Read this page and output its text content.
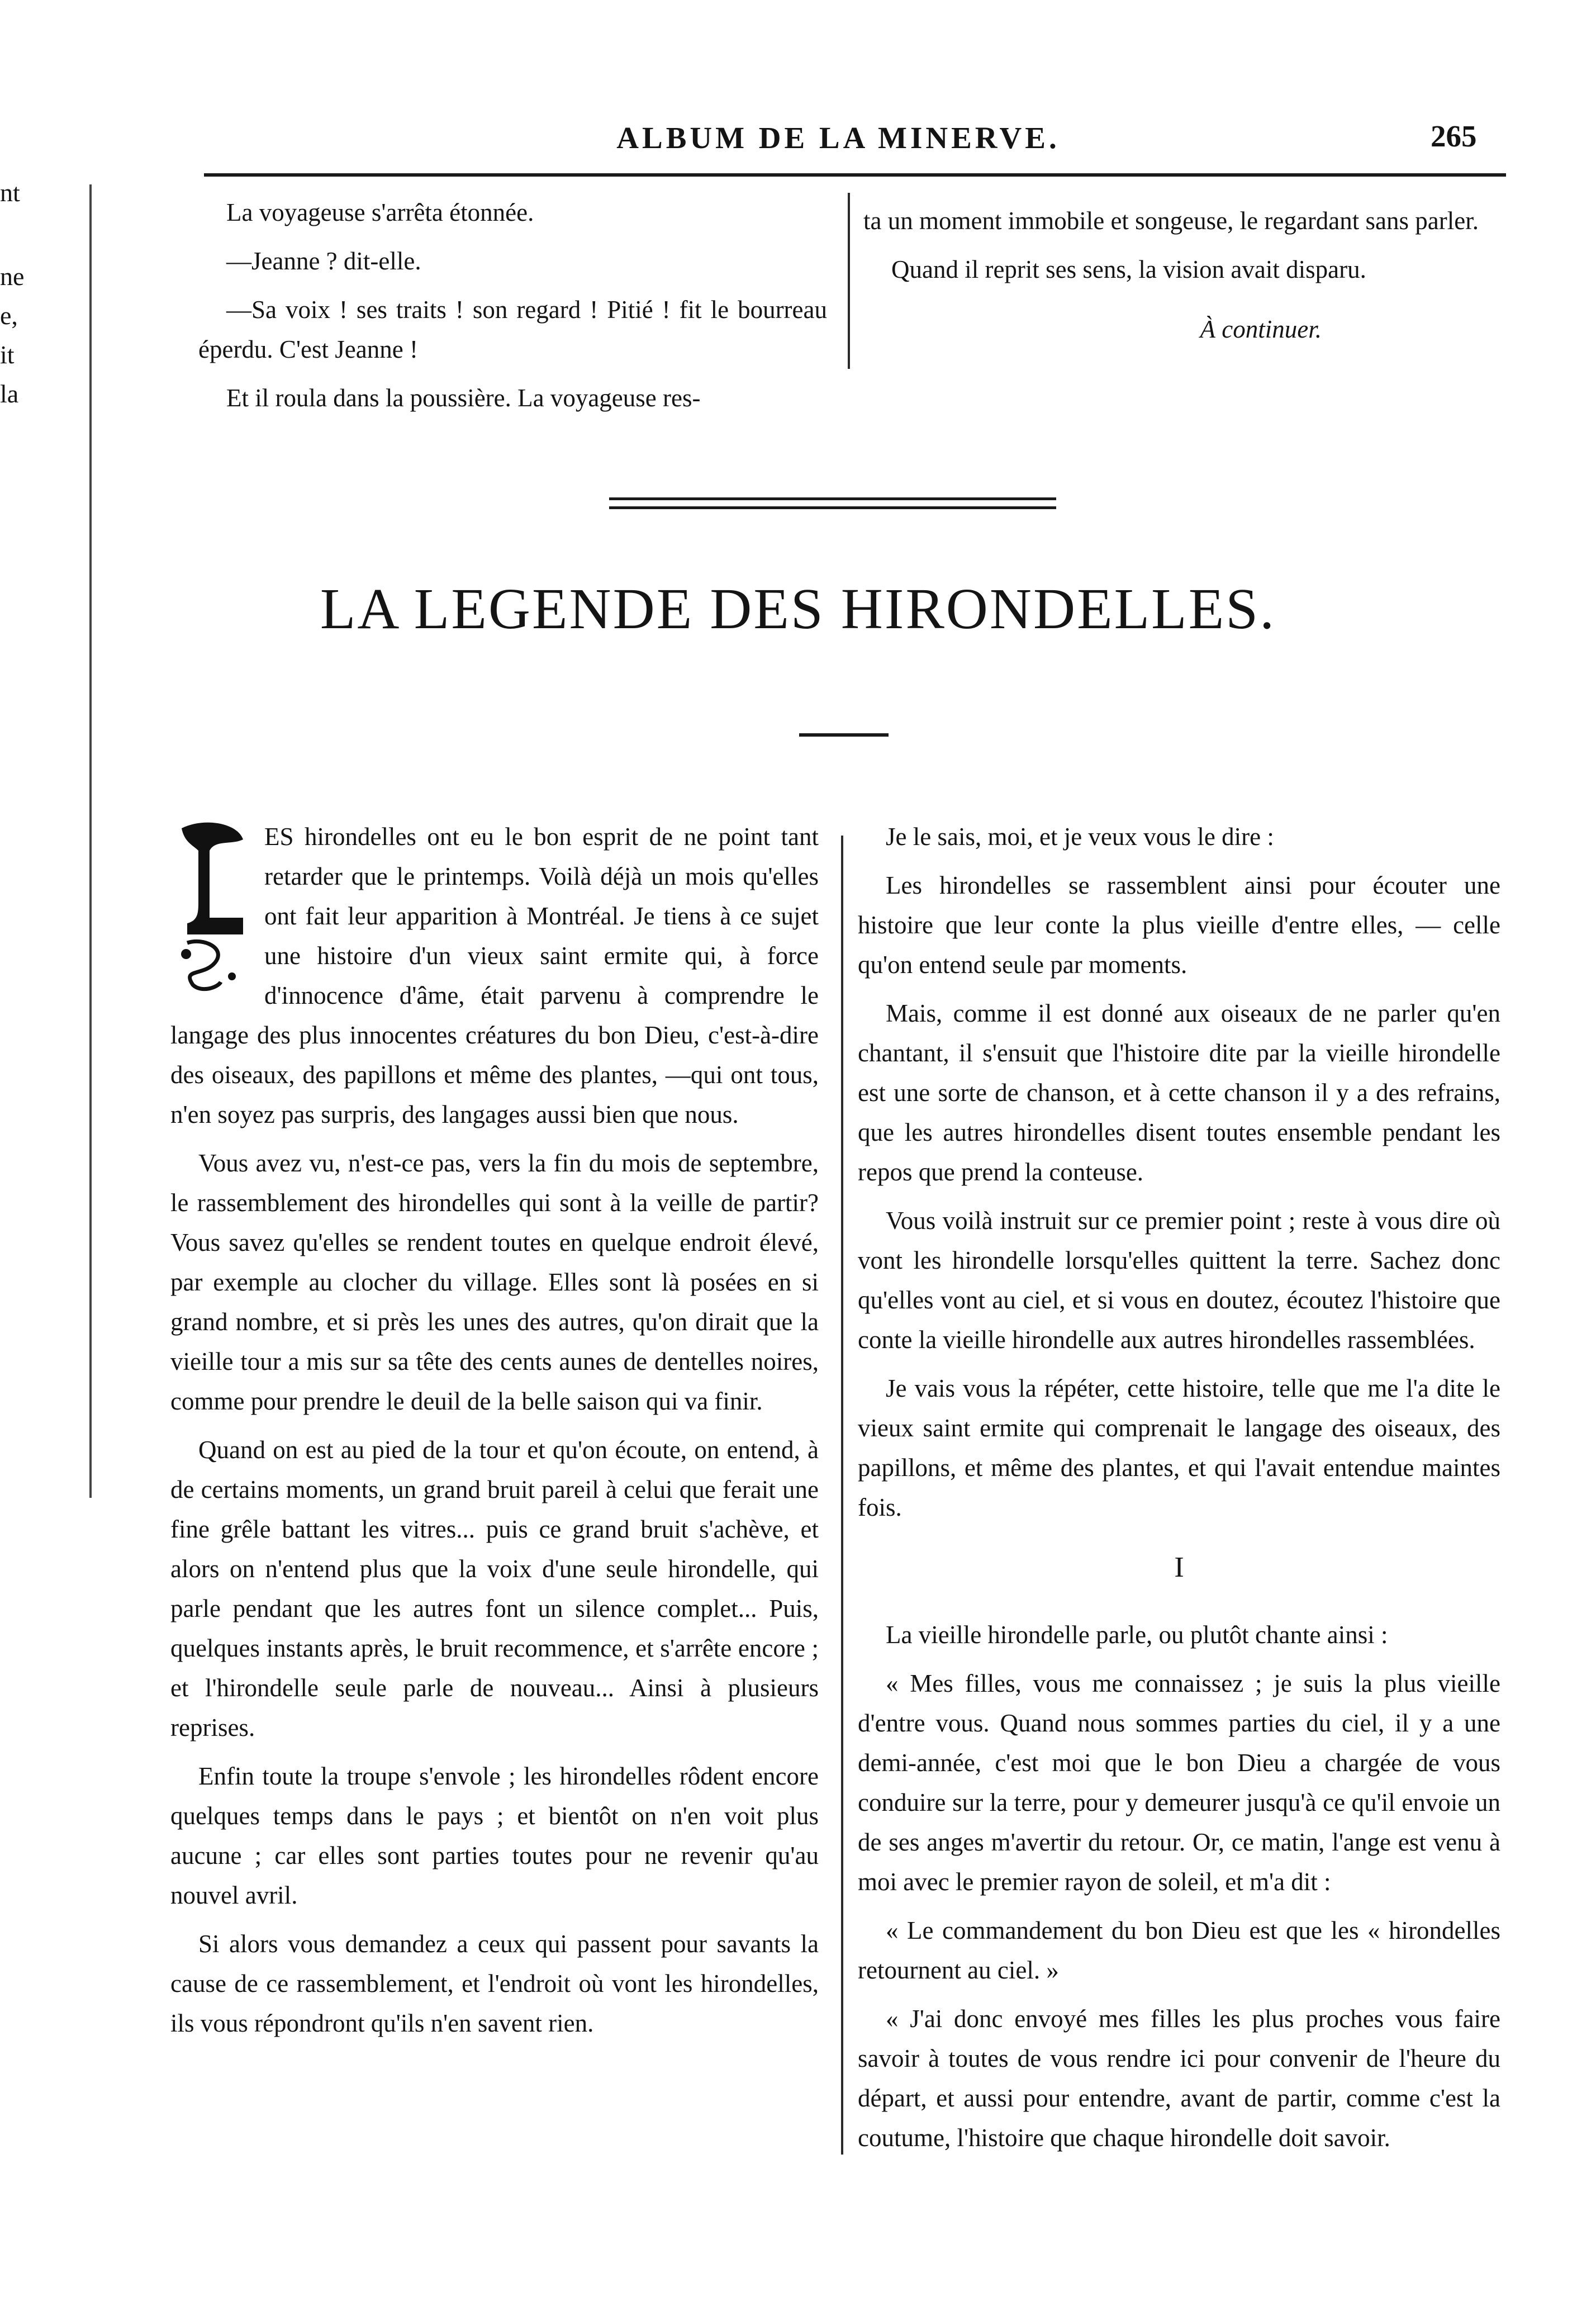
nt
ne
e,
it
la
ALBUM DE LA MINERVE.	265

La voyageuse s'arrêta étonnée.

—Jeanne ? dit-elle.

—Sa voix ! ses traits ! son regard ! Pitié ! fit le bourreau éperdu. C'est Jeanne !

Et il roula dans la poussière. La voyageuse res-

ta un moment immobile et songeuse, le regardant sans parler.

Quand il reprit ses sens, la vision avait disparu.

À continuer.
LA LEGENDE DES HIRONDELLES.
L

ES hirondelles ont eu le bon esprit de ne point tant retarder que le printemps. Voilà déjà un mois qu'elles ont fait leur apparition à Montréal. Je tiens à ce sujet une histoire d'un vieux saint ermite qui, à force d'innocence d'âme, était parvenu à comprendre le langage des plus innocentes créatures du bon Dieu, c'est-à-dire des oiseaux, des papillons et même des plantes, —qui ont tous, n'en soyez pas surpris, des langages aussi bien que nous.

Vous avez vu, n'est-ce pas, vers la fin du mois de septembre, le rassemblement des hirondelles qui sont à la veille de partir? Vous savez qu'elles se rendent toutes en quelque endroit élevé, par exemple au clocher du village. Elles sont là posées en si grand nombre, et si près les unes des autres, qu'on dirait que la vieille tour a mis sur sa tête des cents aunes de dentelles noires, comme pour prendre le deuil de la belle saison qui va finir.

Quand on est au pied de la tour et qu'on écoute, on entend, à de certains moments, un grand bruit pareil à celui que ferait une fine grêle battant les vitres... puis ce grand bruit s'achève, et alors on n'entend plus que la voix d'une seule hirondelle, qui parle pendant que les autres font un silence complet... Puis, quelques instants après, le bruit recommence, et s'arrête encore ; et l'hirondelle seule parle de nouveau... Ainsi à plusieurs reprises.

Enfin toute la troupe s'envole ; les hirondelles rôdent encore quelques temps dans le pays ; et bientôt on n'en voit plus aucune ; car elles sont parties toutes pour ne revenir qu'au nouvel avril.

Si alors vous demandez a ceux qui passent pour savants la cause de ce rassemblement, et l'endroit où vont les hirondelles, ils vous répondront qu'ils n'en savent rien.

Je le sais, moi, et je veux vous le dire :

Les hirondelles se rassemblent ainsi pour écouter une histoire que leur conte la plus vieille d'entre elles, — celle qu'on entend seule par moments.

Mais, comme il est donné aux oiseaux de ne parler qu'en chantant, il s'ensuit que l'histoire dite par la vieille hirondelle est une sorte de chanson, et à cette chanson il y a des refrains, que les autres hirondelles disent toutes ensemble pendant les repos que prend la conteuse.

Vous voilà instruit sur ce premier point ; reste à vous dire où vont les hirondelle lorsqu'elles quittent la terre. Sachez donc qu'elles vont au ciel, et si vous en doutez, écoutez l'histoire que conte la vieille hirondelle aux autres hirondelles rassemblées.

Je vais vous la répéter, cette histoire, telle que me l'a dite le vieux saint ermite qui comprenait le langage des oiseaux, des papillons, et même des plantes, et qui l'avait entendue maintes fois.

I

La vieille hirondelle parle, ou plutôt chante ainsi :

« Mes filles, vous me connaissez ; je suis la plus vieille d'entre vous. Quand nous sommes parties du ciel, il y a une demi-année, c'est moi que le bon Dieu a chargée de vous conduire sur la terre, pour y demeurer jusqu'à ce qu'il envoie un de ses anges m'avertir du retour. Or, ce matin, l'ange est venu à moi avec le premier rayon de soleil, et m'a dit :

« Le commandement du bon Dieu est que les « hirondelles retournent au ciel. »

« J'ai donc envoyé mes filles les plus proches vous faire savoir à toutes de vous rendre ici pour convenir de l'heure du départ, et aussi pour entendre, avant de partir, comme c'est la coutume, l'histoire que chaque hirondelle doit savoir.
